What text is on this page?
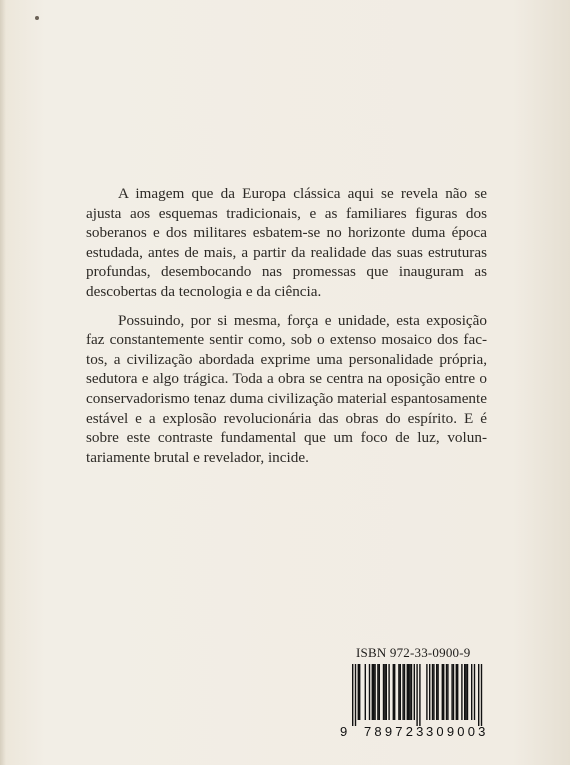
A imagem que da Europa clássica aqui se revela não se ajusta aos esquemas tradicionais, e as familiares figuras dos soberanos e dos militares esbatem-se no horizonte duma época estudada, antes de mais, a partir da realidade das suas estruturas profundas, desembocando nas promessas que inauguram as descobertas da tecnologia e da ciência.

Possuindo, por si mesma, força e unidade, esta exposição faz constantemente sentir como, sob o extenso mosaico dos factos, a civilização abordada exprime uma personalidade própria, sedutora e algo trágica. Toda a obra se centra na oposição entre o conservadorismo tenaz duma civilização material espantosamente estável e a explosão revolucionária das obras do espírito. E é sobre este contraste fundamental que um foco de luz, voluntariamente brutal e revelador, incide.

ISBN 972-33-0900-9
9 789723 309003
